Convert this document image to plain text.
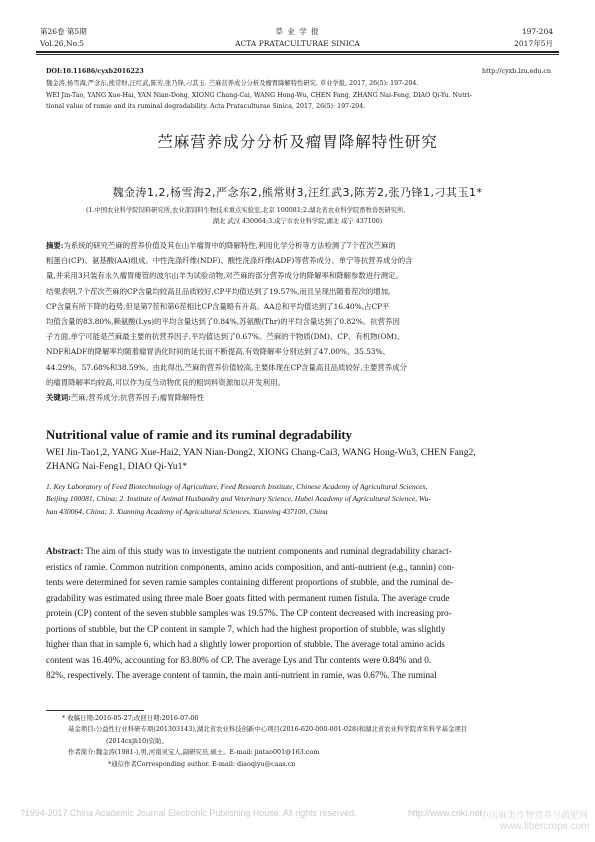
第26卷 第5期
Vol.26,No.5
草 业 学 报
ACTA PRATACULTURAE SINICA
197-204
2017年5月
DOI:10.11686/cyxb2016223	http://cyxb.lzu.edu.cn
魏金涛,杨雪海,严念东,熊常财,汪红武,陈芳,张乃锋,刁其玉. 苎麻营养成分分析及瘤胃降解特性研究. 草业学报, 2017, 26(5): 197-204.
WEI Jin-Tao, YANG Xue-Hai, YAN Nian-Dong, XIONG Chang-Cai, WANG Hong-Wu, CHEN Fang, ZHANG Nai-Feng, DIAO Qi-Yu. Nutri-
tional value of ramie and its ruminal degradability. Acta Prataculturae Sinica, 2017, 26(5): 197-204.
苎麻营养成分分析及瘤胃降解特性研究
魏金涛1,2,杨雪海2,严念东2,熊常财3,汪红武3,陈芳2,张乃锋1,刁其玉1*
(1.中国农业科学院饲料研究所,农业部饲料生物技术重点实验室,北京 100081;2.湖北省农业科学院畜牧兽医研究所,
湖北 武汉 430064;3.咸宁市农业科学院,湖北 咸宁 437100)
摘要:为系统的研究苎麻的营养价值及其在山羊瘤胃中的降解特性,利用化学分析等方法检测了7个茬次苎麻的
粗蛋白(CP)、氨基酸(AA)组成、中性洗涤纤维(NDF)、酸性洗涤纤维(ADF)等营养成分、单宁等抗营养成分的含
量,并采用3只装有永久瘤胃瘘管的波尔山羊为试验动物,对苎麻的部分营养成分的降解率和降解参数进行测定。
结果表明,7个茬次苎麻的CP含量均较高且品质较好,CP平均值达到了19.57%,而且呈现出随着茬次的增加,
CP含量有所下降的趋势,但是第7茬和第6茬相比CP含量略有升高。AA总和平均值达到了16.40%,占CP平
均值含量的83.80%,赖氨酸(Lys)的平均含量达到了0.84%,苏氨酸(Thr)的平均含量达到了0.82%。抗营养因
子方面,单宁可能是苎麻最主要的抗营养因子,平均值达到了0.67%。苎麻的干物质(DM)、CP、有机物(OM)、
NDF和ADF的降解率均随着瘤胃消化时间的延长而不断提高,有效降解率分别达到了47.00%、35.53%、
44.29%、57.68%和38.59%。由此得出,苎麻的营养价值较高,主要体现在CP含量高且品质较好,主要营养成分
的瘤胃降解率均较高,可以作为反刍动物优良的粗饲料资源加以开发利用。
关键词:苎麻;营养成分;抗营养因子;瘤胃降解特性
Nutritional value of ramie and its ruminal degradability
WEI Jin-Tao1,2, YANG Xue-Hai2, YAN Nian-Dong2, XIONG Chang-Cai3, WANG Hong-Wu3, CHEN Fang2,
ZHANG Nai-Feng1, DIAO Qi-Yu1*
1. Key Laboratory of Feed Biotechnology of Agriculture, Feed Research Institute, Chinese Academy of Agricultural Sciences,
Beijing 100081, China; 2. Institute of Animal Husbandry and Veterinary Science, Hubei Academy of Agricultural Science, Wu-
han 430064, China; 3. Xianning Academy of Agricultural Sciences, Xianning 437100, China
Abstract: The aim of this study was to investigate the nutrient components and ruminal degradability charact-
eristics of ramie. Common nutrition components, amino acids composition, and anti-nutrient (e.g., tannin) con-
tents were determined for seven ramie samples containing different proportions of stubble, and the ruminal de-
gradability was estimated using three male Boer goats fitted with permanent rumen fistula. The average crude
protein (CP) content of the seven stubble samples was 19.57%. The CP content decreased with increasing pro-
portions of stubble, but the CP content in sample 7, which had the highest proportion of stubble, was slightly
higher than that in sample 6, which had a slightly lower proportion of stubble. The average total amino acids
content was 16.40%, accounting for 83.80% of CP. The average Lys and Thr contents were 0.84% and 0.
82%, respectively. The average content of tannin, the main anti-nutrient in ramie, was 0.67%. The ruminal
* 收稿日期:2016-05-27;改回日期:2016-07-06
基金项目:公益性行业科研专项(201303143),湖北省农业科技创新中心项目(2016-620-000-001-028)和湖北省农业科学院青年科学基金项目
(2014cxjh10)资助。
作者简介:魏金涛(1981-),男,河南灵宝人,副研究员,硕士。E-mail: jintao001@163.com
*通信作者Corresponding author. E-mail: diaoqiyu@caas.cn
?1994-2017 China Academic Journal Electronic Publishing House. All rights reserved.	http://www.cnki.net
中国麻类作物营养与疏肥网
www.fibercrops.com
